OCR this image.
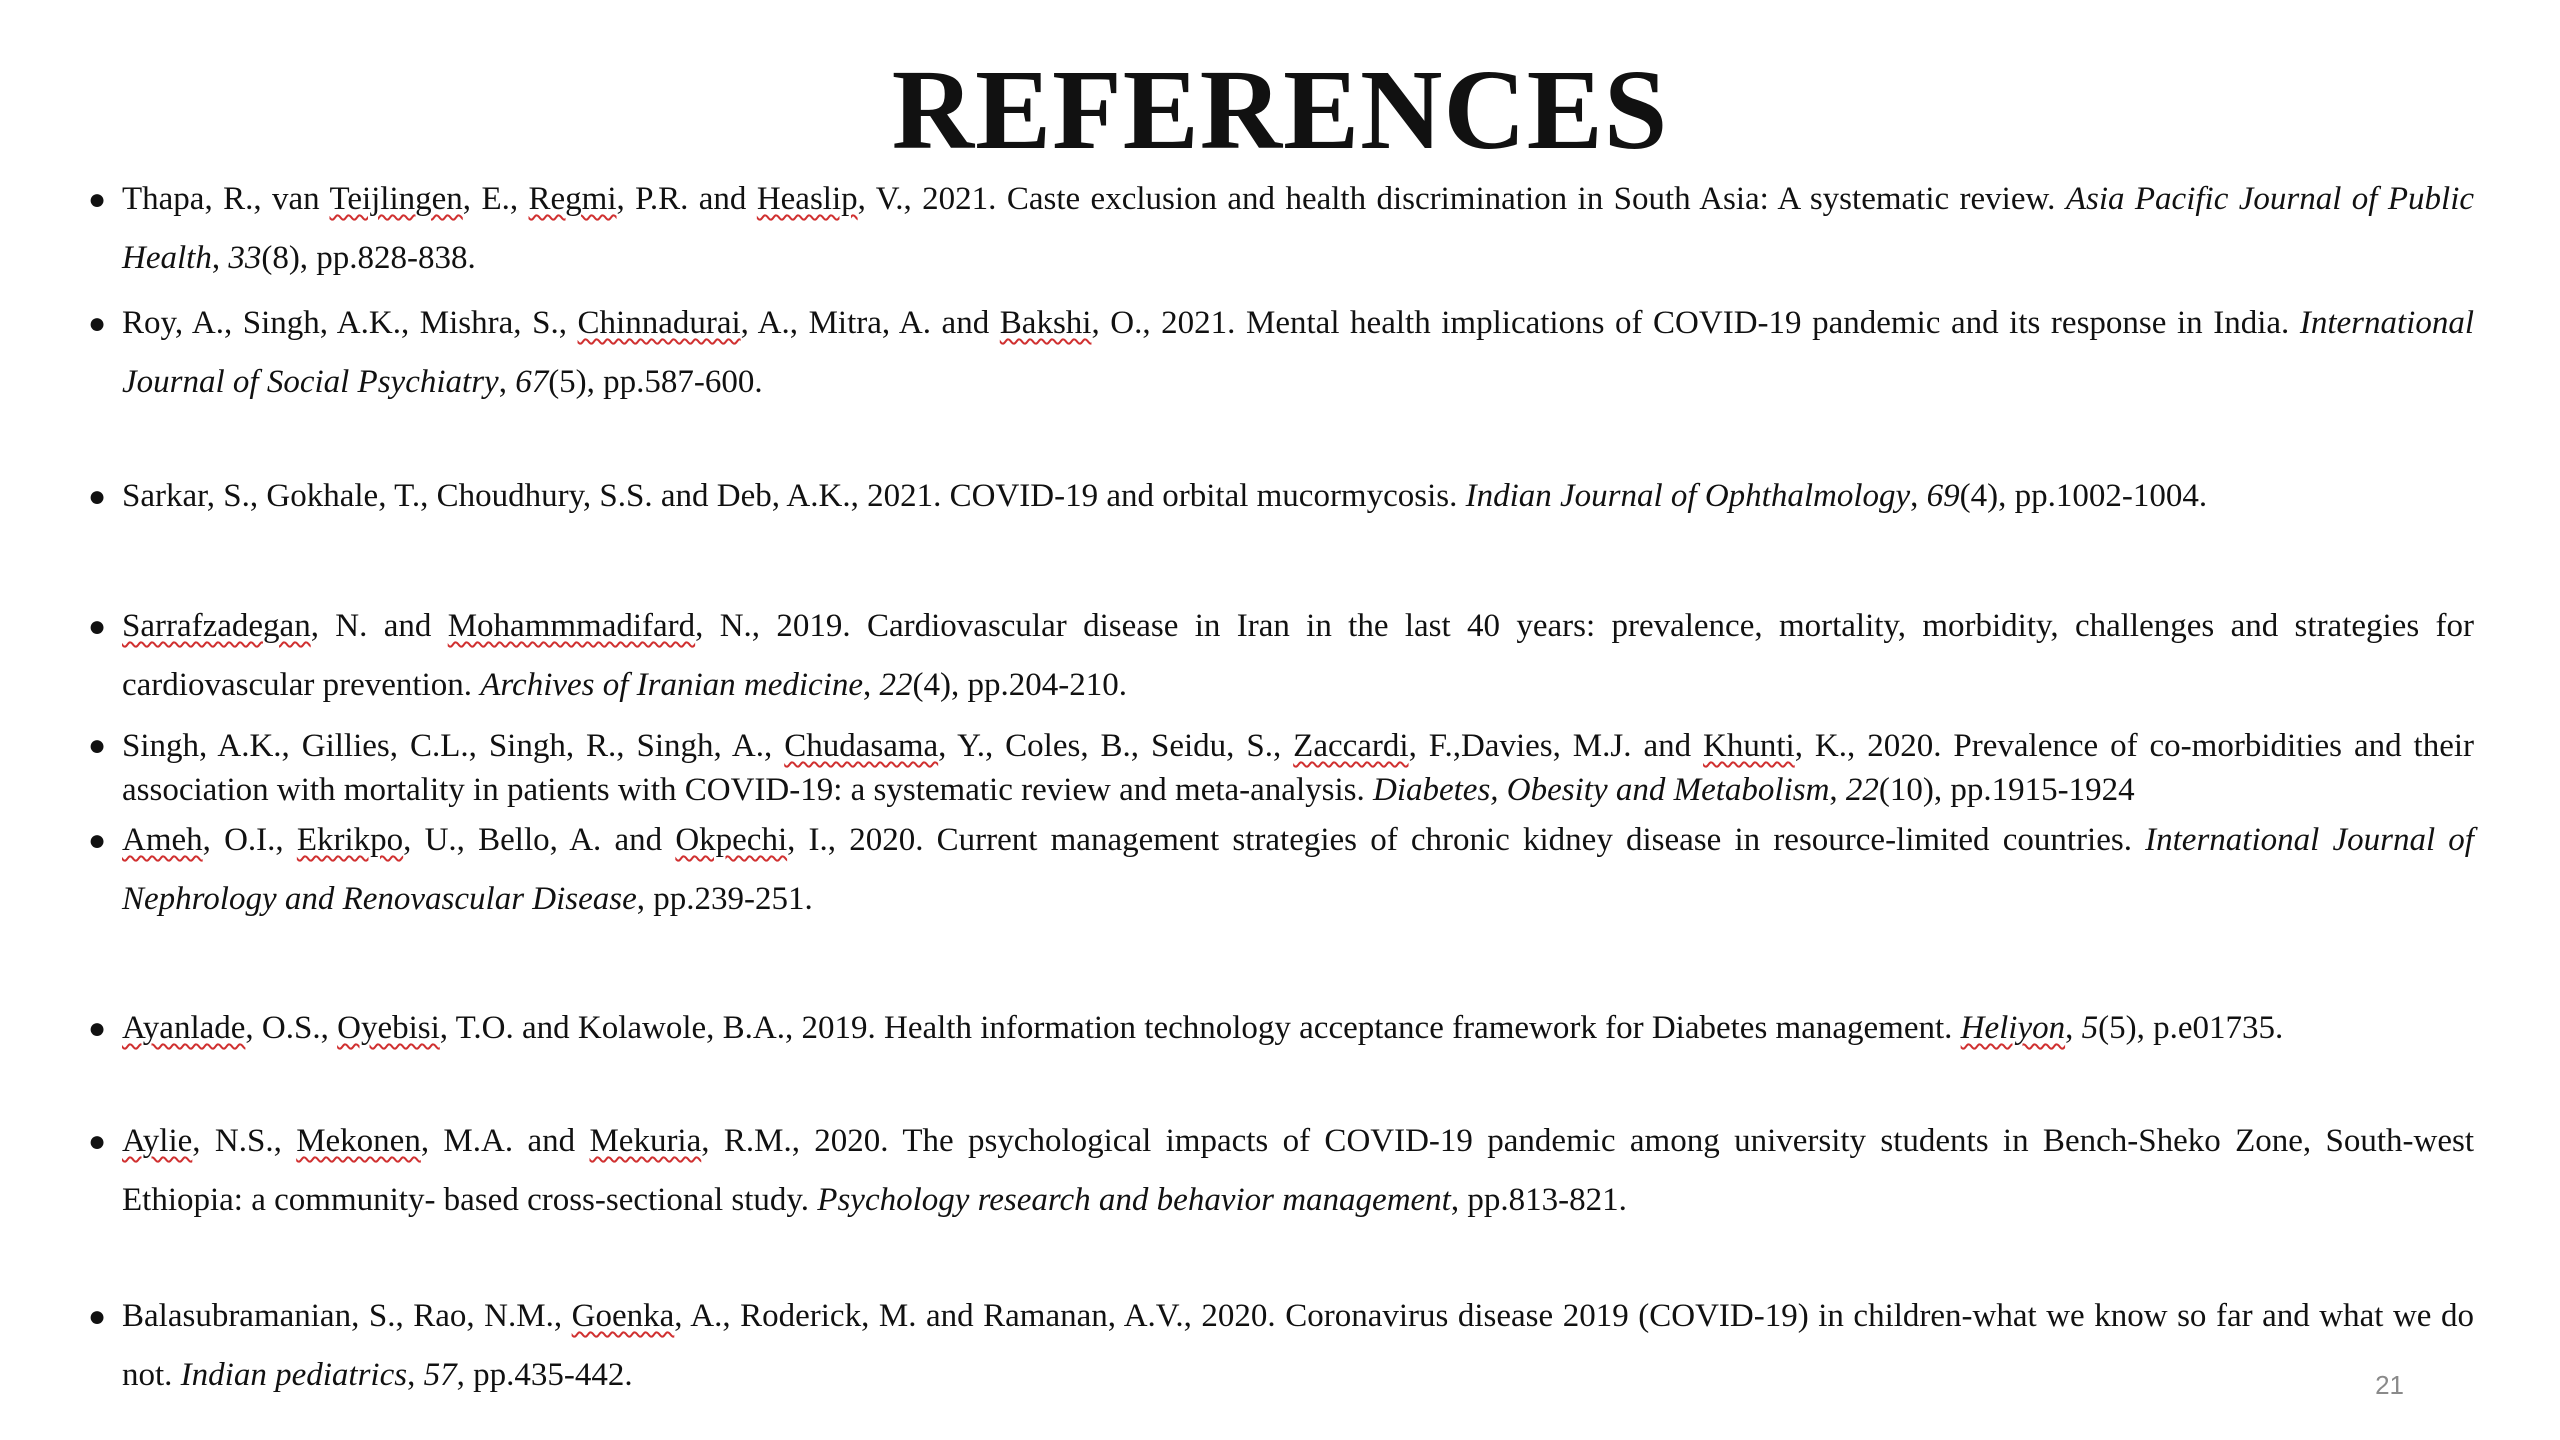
REFERENCES
● Thapa, R., van Teijlingen, E., Regmi, P.R. and Heaslip, V., 2021. Caste exclusion and health discrimination in South Asia: A systematic review. Asia Pacific Journal of Public Health, 33(8), pp.828-838.
● Roy, A., Singh, A.K., Mishra, S., Chinnadurai, A., Mitra, A. and Bakshi, O., 2021. Mental health implications of COVID-19 pandemic and its response in India. International Journal of Social Psychiatry, 67(5), pp.587-600.
● Sarkar, S., Gokhale, T., Choudhury, S.S. and Deb, A.K., 2021. COVID-19 and orbital mucormycosis. Indian Journal of Ophthalmology, 69(4), pp.1002-1004.
● Sarrafzadegan, N. and Mohammmadifard, N., 2019. Cardiovascular disease in Iran in the last 40 years: prevalence, mortality, morbidity, challenges and strategies for cardiovascular prevention. Archives of Iranian medicine, 22(4), pp.204-210.
● Singh, A.K., Gillies, C.L., Singh, R., Singh, A., Chudasama, Y., Coles, B., Seidu, S., Zaccardi, F.,Davies, M.J. and Khunti, K., 2020. Prevalence of co-morbidities and their association with mortality in patients with COVID-19: a systematic review and meta-analysis. Diabetes, Obesity and Metabolism, 22(10), pp.1915-1924
● Ameh, O.I., Ekrikpo, U., Bello, A. and Okpechi, I., 2020. Current management strategies of chronic kidney disease in resource-limited countries. International Journal of Nephrology and Renovascular Disease, pp.239-251.
● Ayanlade, O.S., Oyebisi, T.O. and Kolawole, B.A., 2019. Health information technology acceptance framework for Diabetes management. Heliyon, 5(5), p.e01735.
● Aylie, N.S., Mekonen, M.A. and Mekuria, R.M., 2020. The psychological impacts of COVID-19 pandemic among university students in Bench-Sheko Zone, South-west Ethiopia: a community- based cross-sectional study. Psychology research and behavior management, pp.813-821.
● Balasubramanian, S., Rao, N.M., Goenka, A., Roderick, M. and Ramanan, A.V., 2020. Coronavirus disease 2019 (COVID-19) in children-what we know so far and what we do not. Indian pediatrics, 57, pp.435-442.	21
